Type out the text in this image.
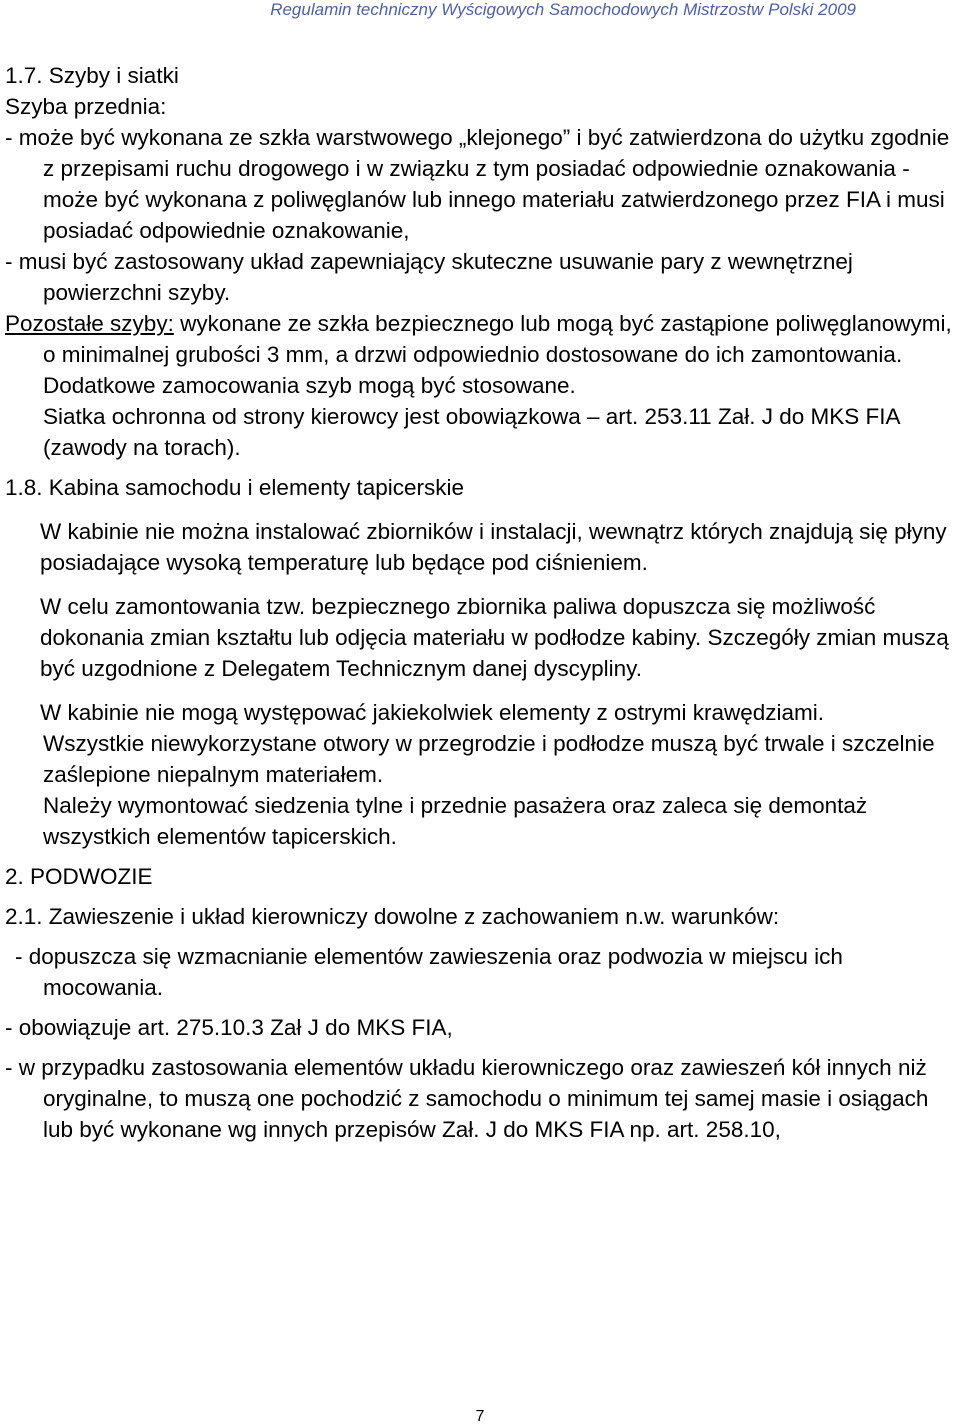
Regulamin techniczny Wyścigowych Samochodowych Mistrzostw Polski 2009

1.7. Szyby i siatki

Szyba przednia:

- może być wykonana ze szkła warstwowego „klejonego” i być zatwierdzona do użytku zgodnie z przepisami ruchu drogowego i w związku z tym posiadać odpowiednie oznakowania - może być wykonana z poliwęglanów lub innego materiału zatwierdzonego przez FIA i musi posiadać odpowiednie oznakowanie,

- musi być zastosowany układ zapewniający skuteczne usuwanie pary z wewnętrznej powierzchni szyby.

Pozostałe szyby: wykonane ze szkła bezpiecznego lub mogą być zastąpione poliwęglanowymi, o minimalnej grubości 3 mm, a drzwi odpowiednio dostosowane do ich zamontowania. Dodatkowe zamocowania szyb mogą być stosowane.

Siatka ochronna od strony kierowcy jest obowiązkowa – art. 253.11 Zał. J do MKS FIA (zawody na torach).

1.8. Kabina samochodu i elementy tapicerskie

W kabinie nie można instalować zbiorników i instalacji, wewnątrz których znajdują się płyny posiadające wysoką temperaturę lub będące pod ciśnieniem.

W celu zamontowania tzw. bezpiecznego zbiornika paliwa dopuszcza się możliwość dokonania zmian kształtu lub odjęcia materiału w podłodze kabiny. Szczegóły zmian muszą być uzgodnione z Delegatem Technicznym danej dyscypliny.

W kabinie nie mogą występować jakiekolwiek elementy z ostrymi krawędziami.

Wszystkie niewykorzystane otwory w przegrodzie i podłodze muszą być trwale i szczelnie zaślepione niepalnym materiałem.

Należy wymontować siedzenia tylne i przednie pasażera oraz zaleca się demontaż wszystkich elementów tapicerskich.

2. PODWOZIE

2.1. Zawieszenie i układ kierowniczy dowolne z zachowaniem n.w. warunków:

- dopuszcza się wzmacnianie elementów zawieszenia oraz podwozia w miejscu ich mocowania.

- obowiązuje art. 275.10.3 Zał J do MKS FIA,

- w przypadku zastosowania elementów układu kierowniczego oraz zawieszeń kół innych niż oryginalne, to muszą one pochodzić z samochodu o minimum tej samej masie i osiągach lub być wykonane wg innych przepisów Zał. J do MKS FIA np. art. 258.10,

7
